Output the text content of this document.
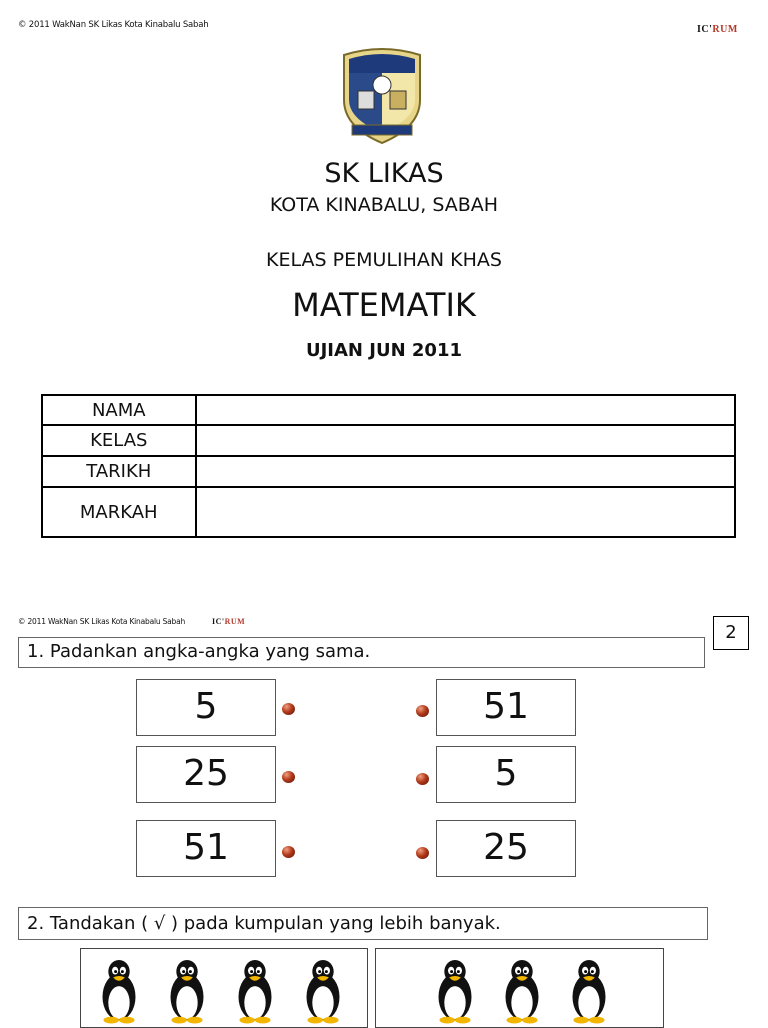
© 2011 WakNan SK Likas Kota Kinabalu Sabah	IC'RUM
SK LIKAS
KOTA KINABALU, SABAH
KELAS PEMULIHAN KHAS
MATEMATIK
UJIAN JUN 2011
NAMA	
KELAS	
TARIKH	
MARKAH	
© 2011 WakNan SK Likas Kota Kinabalu Sabah	IC'RUM
2
1. Padankan angka-angka yang sama.
5
25
51
51
5
25
2. Tandakan ( √ ) pada kumpulan yang lebih banyak.
